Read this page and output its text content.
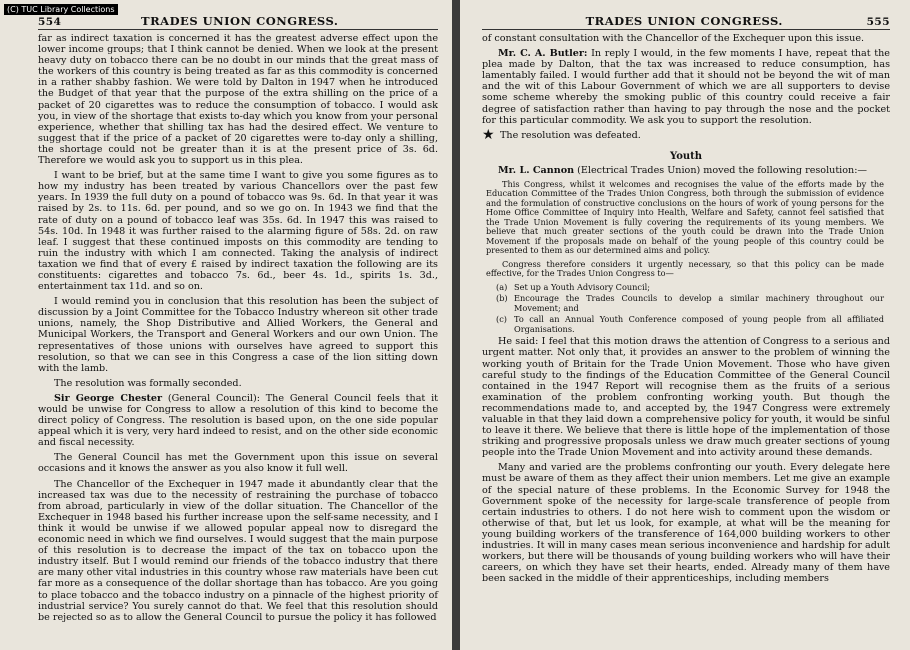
(C) TUC Library Collections
554	TRADES UNION CONGRESS.

far as indirect taxation is concerned it has the greatest adverse effect upon the lower income groups; that I think cannot be denied. When we look at the present heavy duty on tobacco there can be no doubt in our minds that the great mass of the workers of this country is being treated as far as this commodity is concerned in a rather shabby fashion. We were told by Dalton in 1947 when he introduced the Budget of that year that the purpose of the extra shilling on the price of a packet of 20 cigarettes was to reduce the consumption of tobacco. I would ask you, in view of the shortage that exists to-day which you know from your personal experience, whether that shilling tax has had the desired effect. We venture to suggest that if the price of a packet of 20 cigarettes were to-day only a shilling, the shortage could not be greater than it is at the present price of 3s. 6d. Therefore we would ask you to support us in this plea.

I want to be brief, but at the same time I want to give you some figures as to how my industry has been treated by various Chancellors over the past few years. In 1939 the full duty on a pound of tobacco was 9s. 6d. In that year it was raised by 2s. to 11s. 6d. per pound, and so we go on. In 1943 we find that the rate of duty on a pound of tobacco leaf was 35s. 6d. In 1947 this was raised to 54s. 10d. In 1948 it was further raised to the alarming figure of 58s. 2d. on raw leaf. I suggest that these continued imposts on this commodity are tending to ruin the industry with which I am connected. Taking the analysis of indirect taxation we find that of every £ raised by indirect taxation the following are its constituents: cigarettes and tobacco 7s. 6d., beer 4s. 1d., spirits 1s. 3d., entertainment tax 11d. and so on.

I would remind you in conclusion that this resolution has been the subject of discussion by a Joint Committee for the Tobacco Industry whereon sit other trade unions, namely, the Shop Distributive and Allied Workers, the General and Municipal Workers, the Transport and General Workers and our own Union. The representatives of those unions with ourselves have agreed to support this resolution, so that we can see in this Congress a case of the lion sitting down with the lamb.

The resolution was formally seconded.

Sir George Chester (General Council): The General Council feels that it would be unwise for Congress to allow a resolution of this kind to become the direct policy of Congress. The resolution is based upon, on the one side popular appeal which it is very, very hard indeed to resist, and on the other side economic and fiscal necessity.

The General Council has met the Government upon this issue on several occasions and it knows the answer as you also know it full well.

The Chancellor of the Exchequer in 1947 made it abundantly clear that the increased tax was due to the necessity of restraining the purchase of tobacco from abroad, particularly in view of the dollar situation. The Chancellor of the Exchequer in 1948 based his further increase upon the self-same necessity, and I think it would be unwise if we allowed popular appeal now to disregard the economic need in which we find ourselves. I would suggest that the main purpose of this resolution is to decrease the impact of the tax on tobacco upon the industry itself. But I would remind our friends of the tobacco industry that there are many other vital industries in this country whose raw materials have been cut far more as a consequence of the dollar shortage than has tobacco. Are you going to place tobacco and the tobacco industry on a pinnacle of the highest priority of industrial service? You surely cannot do that. We feel that this resolution should be rejected so as to allow the General Council to pursue the policy it has followed

TRADES UNION CONGRESS.	555

of constant consultation with the Chancellor of the Exchequer upon this issue.

Mr. C. A. Butler: In reply I would, in the few moments I have, repeat that the plea made by Dalton, that the tax was increased to reduce consumption, has lamentably failed. I would further add that it should not be beyond the wit of man and the wit of this Labour Government of which we are all supporters to devise some scheme whereby the smoking public of this country could receive a fair degree of satisfaction rather than having to pay through the nose and the pocket for this particular commodity. We ask you to support the resolution.

★ The resolution was defeated.
Youth

Mr. L. Cannon (Electrical Trades Union) moved the following resolution:—

This Congress, whilst it welcomes and recognises the value of the efforts made by the Education Committee of the Trades Union Congress, both through the submission of evidence and the formulation of constructive conclusions on the hours of work of young persons for the Home Office Committee of Inquiry into Health, Welfare and Safety, cannot feel satisfied that the Trade Union Movement is fully covering the requirements of its young members. We believe that much greater sections of the youth could be drawn into the Trade Union Movement if the proposals made on behalf of the young people of this country could be presented to them as our determined aims and policy.

Congress therefore considers it urgently necessary, so that this policy can be made effective, for the Trades Union Congress to—

(a) Set up a Youth Advisory Council;
(b) Encourage the Trades Councils to develop a similar machinery throughout our Movement; and
(c) To call an Annual Youth Conference composed of young people from all affiliated Organisations.

He said: I feel that this motion draws the attention of Congress to a serious and urgent matter. Not only that, it provides an answer to the problem of winning the working youth of Britain for the Trade Union Movement. Those who have given careful study to the findings of the Education Committee of the General Council contained in the 1947 Report will recognise them as the fruits of a serious examination of the problem confronting working youth. But though the recommendations made to, and accepted by, the 1947 Congress were extremely valuable in that they laid down a comprehensive policy for youth, it would be sinful to leave it there. We believe that there is little hope of the implementation of those striking and progressive proposals unless we draw much greater sections of young people into the Trade Union Movement and into activity around these demands.

Many and varied are the problems confronting our youth. Every delegate here must be aware of them as they affect their union members. Let me give an example of the special nature of these problems. In the Economic Survey for 1948 the Government spoke of the necessity for large-scale transference of people from certain industries to others. I do not here wish to comment upon the wisdom or otherwise of that, but let us look, for example, at what will be the meaning for young building workers of the transference of 164,000 building workers to other industries. It will in many cases mean serious inconvenience and hardship for adult workers, but there will be thousands of young building workers who will have their careers, on which they have set their hearts, ended. Already many of them have been sacked in the middle of their apprenticeships, including members
